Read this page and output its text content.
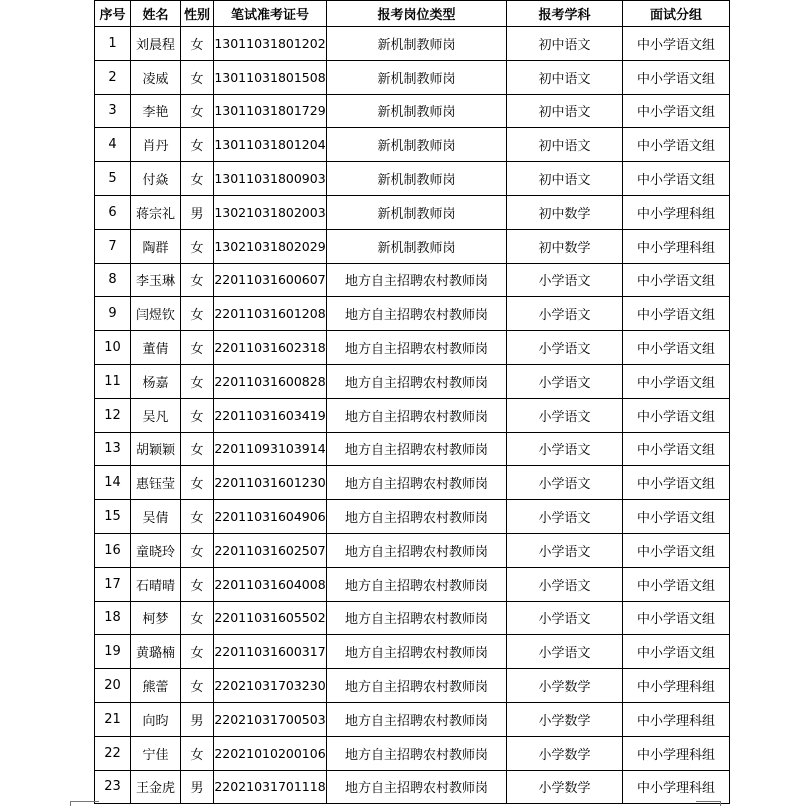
序号	姓名	性别	笔试准考证号	报考岗位类型	报考学科	面试分组
1	刘晨程	女	13011031801202	新机制教师岗	初中语文	中小学语文组
2	凌威	女	13011031801508	新机制教师岗	初中语文	中小学语文组
3	李艳	女	13011031801729	新机制教师岗	初中语文	中小学语文组
4	肖丹	女	13011031801204	新机制教师岗	初中语文	中小学语文组
5	付焱	女	13011031800903	新机制教师岗	初中语文	中小学语文组
6	蒋宗礼	男	13021031802003	新机制教师岗	初中数学	中小学理科组
7	陶群	女	13021031802029	新机制教师岗	初中数学	中小学理科组
8	李玉琳	女	22011031600607	地方自主招聘农村教师岗	小学语文	中小学语文组
9	闫煜钦	女	22011031601208	地方自主招聘农村教师岗	小学语文	中小学语文组
10	董倩	女	22011031602318	地方自主招聘农村教师岗	小学语文	中小学语文组
11	杨嘉	女	22011031600828	地方自主招聘农村教师岗	小学语文	中小学语文组
12	吴凡	女	22011031603419	地方自主招聘农村教师岗	小学语文	中小学语文组
13	胡颖颖	女	22011093103914	地方自主招聘农村教师岗	小学语文	中小学语文组
14	惠钰莹	女	22011031601230	地方自主招聘农村教师岗	小学语文	中小学语文组
15	吴倩	女	22011031604906	地方自主招聘农村教师岗	小学语文	中小学语文组
16	童晓玲	女	22011031602507	地方自主招聘农村教师岗	小学语文	中小学语文组
17	石晴晴	女	22011031604008	地方自主招聘农村教师岗	小学语文	中小学语文组
18	柯梦	女	22011031605502	地方自主招聘农村教师岗	小学语文	中小学语文组
19	黄璐楠	女	22011031600317	地方自主招聘农村教师岗	小学语文	中小学语文组
20	熊蕾	女	22021031703230	地方自主招聘农村教师岗	小学数学	中小学理科组
21	向昀	男	22021031700503	地方自主招聘农村教师岗	小学数学	中小学理科组
22	宁佳	女	22021010200106	地方自主招聘农村教师岗	小学数学	中小学理科组
23	王金虎	男	22021031701118	地方自主招聘农村教师岗	小学数学	中小学理科组
